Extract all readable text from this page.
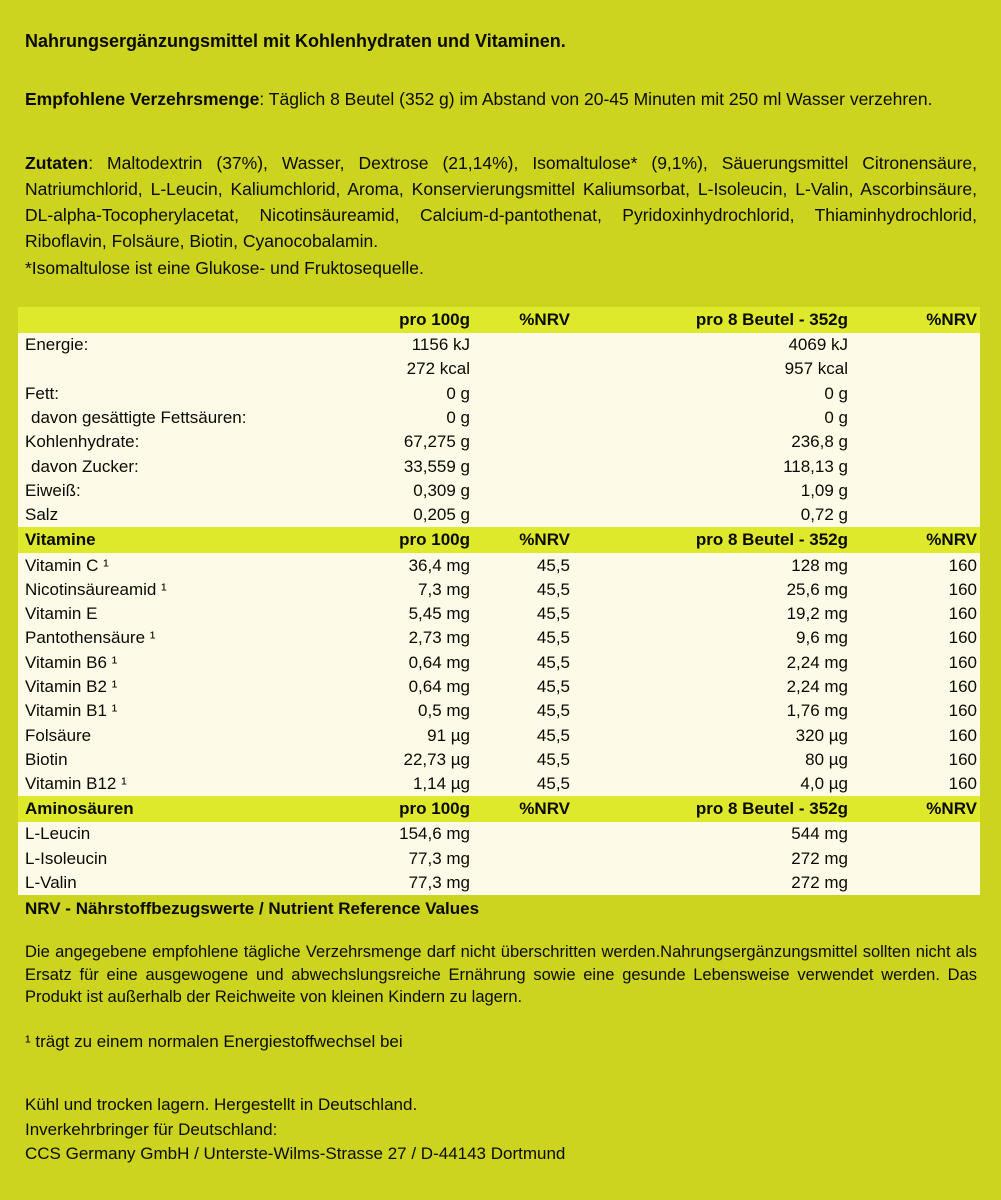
Nahrungsergänzungsmittel mit Kohlenhydraten und Vitaminen.
Empfohlene Verzehrsmenge: Täglich 8 Beutel (352 g) im Abstand von 20-45 Minuten mit 250 ml Wasser verzehren.
Zutaten: Maltodextrin (37%), Wasser, Dextrose (21,14%), Isomaltulose* (9,1%), Säuerungsmittel Citronensäure, Natriumchlorid, L-Leucin, Kaliumchlorid, Aroma, Konservierungsmittel Kaliumsorbat, L-Isoleucin, L-Valin, Ascorbinsäure, DL-alpha-Tocopherylacetat, Nicotinsäureamid, Calcium-d-pantothenat, Pyridoxinhydrochlorid, Thiaminhydrochlorid, Riboflavin, Folsäure, Biotin, Cyanocobalamin.
*Isomaltulose ist eine Glukose- und Fruktosequelle.
	pro 100g	%NRV	pro 8 Beutel - 352g	%NRV
Energie:	1156 kJ		4069 kJ	
	272 kcal		957 kcal	
Fett:	0 g		0 g	
davon gesättigte Fettsäuren:	0 g		0 g	
Kohlenhydrate:	67,275 g		236,8 g	
davon Zucker:	33,559 g		118,13 g	
Eiweiß:	0,309 g		1,09 g	
Salz	0,205 g		0,72 g	
Vitamine	pro 100g	%NRV	pro 8 Beutel - 352g	%NRV
Vitamin C ¹	36,4 mg	45,5	128 mg	160
Nicotinsäureamid ¹	7,3 mg	45,5	25,6 mg	160
Vitamin E	5,45 mg	45,5	19,2 mg	160
Pantothensäure ¹	2,73 mg	45,5	9,6 mg	160
Vitamin B6 ¹	0,64 mg	45,5	2,24 mg	160
Vitamin B2 ¹	0,64 mg	45,5	2,24 mg	160
Vitamin B1 ¹	0,5 mg	45,5	1,76 mg	160
Folsäure	91 µg	45,5	320 µg	160
Biotin	22,73 µg	45,5	80 µg	160
Vitamin B12 ¹	1,14 µg	45,5	4,0 µg	160
Aminosäuren	pro 100g	%NRV	pro 8 Beutel - 352g	%NRV
L-Leucin	154,6 mg		544 mg	
L-Isoleucin	77,3 mg		272 mg	
L-Valin	77,3 mg		272 mg	
NRV - Nährstoffbezugswerte / Nutrient Reference Values
Die angegebene empfohlene tägliche Verzehrsmenge darf nicht überschritten werden.Nahrungsergänzungsmittel sollten nicht als Ersatz für eine ausgewogene und abwechslungsreiche Ernährung sowie eine gesunde Lebensweise verwendet werden. Das Produkt ist außerhalb der Reichweite von kleinen Kindern zu lagern.
¹ trägt zu einem normalen Energiestoffwechsel bei
Kühl und trocken lagern. Hergestellt in Deutschland.
Inverkehrbringer für Deutschland:
CCS Germany GmbH / Unterste-Wilms-Strasse 27 / D-44143 Dortmund
